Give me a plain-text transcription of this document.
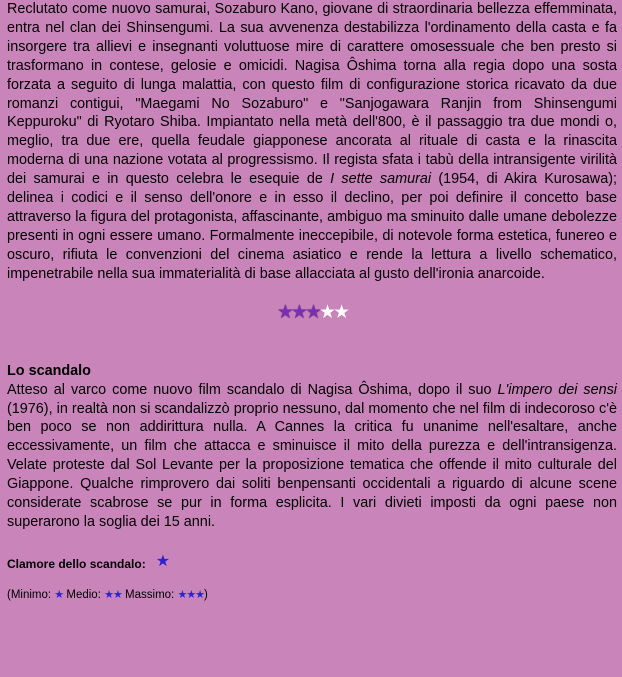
Reclutato come nuovo samurai, Sozaburo Kano, giovane di straordinaria bellezza effemminata, entra nel clan dei Shinsengumi. La sua avvenenza destabilizza l'ordinamento della casta e fa insorgere tra allievi e insegnanti voluttuose mire di carattere omosessuale che ben presto si trasformano in contese, gelosie e omicidi. Nagisa Ôshima torna alla regia dopo una sosta forzata a seguito di lunga malattia, con questo film di configurazione storica ricavato da due romanzi contigui, "Maegami No Sozaburo" e "Sanjogawara Ranjin from Shinsengumi Keppuroku" di Ryotaro Shiba. Impiantato nella metà dell'800, è il passaggio tra due mondi o, meglio, tra due ere, quella feudale giapponese ancorata al rituale di casta e la rinascita moderna di una nazione votata al progressismo. Il regista sfata i tabù della intransigente virilità dei samurai e in questo celebra le esequie de I sette samurai (1954, di Akira Kurosawa); delinea i codici e il senso dell'onore e in esso il declino, per poi definire il concetto base attraverso la figura del protagonista, affascinante, ambiguo ma sminuito dalle umane debolezze presenti in ogni essere umano. Formalmente ineccepibile, di notevole forma estetica, funereo e oscuro, rifiuta le convenzioni del cinema asiatico e rende la lettura a livello schematico, impenetrabile nella sua immaterialità di base allacciata al gusto dell'ironia anarcoide.

★★★★★
Lo scandalo

Atteso al varco come nuovo film scandalo di Nagisa Ôshima, dopo il suo L'impero dei sensi (1976), in realtà non si scandalizzò proprio nessuno, dal momento che nel film di indecoroso c'è ben poco se non addirittura nulla. A Cannes la critica fu unanime nell'esaltare, anche eccessivamente, un film che attacca e sminuisce il mito della purezza e dell'intransigenza. Velate proteste dal Sol Levante per la proposizione tematica che offende il mito culturale del Giappone. Qualche rimprovero dai soliti benpensanti occidentali a riguardo di alcune scene considerate scabrose se pur in forma esplicita. I vari divieti imposti da ogni paese non superarono la soglia dei 15 anni.

Clamore dello scandalo: ★
(Minimo: ★ Medio: ★★ Massimo: ★★★)
